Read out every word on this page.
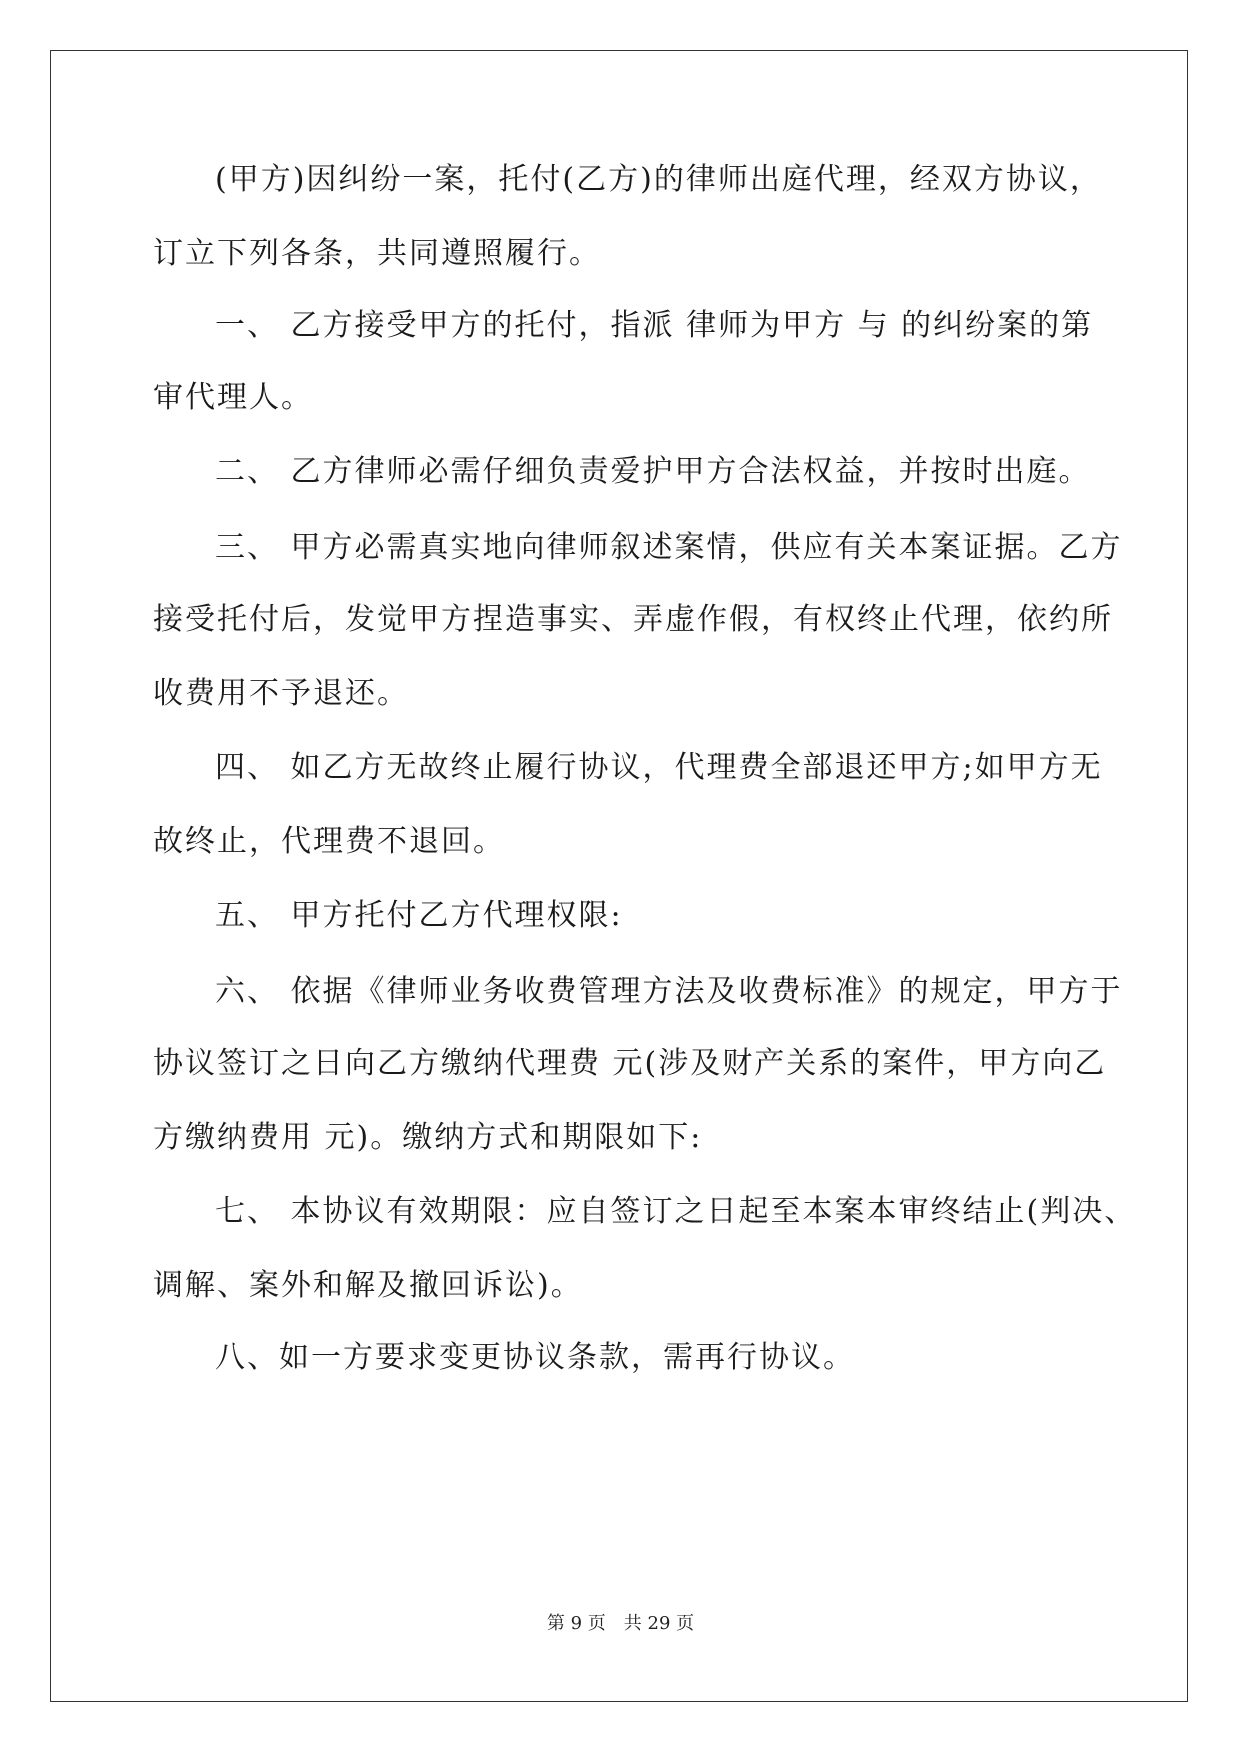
(甲方)因纠纷一案，托付(乙方)的律师出庭代理，经双方协议，
订立下列各条，共同遵照履行。
一、 乙方接受甲方的托付，指派 律师为甲方 与 的纠纷案的第
审代理人。
二、 乙方律师必需仔细负责爱护甲方合法权益，并按时出庭。
三、 甲方必需真实地向律师叙述案情，供应有关本案证据。乙方
接受托付后，发觉甲方捏造事实、弄虚作假，有权终止代理，依约所
收费用不予退还。
四、 如乙方无故终止履行协议，代理费全部退还甲方;如甲方无
故终止，代理费不退回。
五、 甲方托付乙方代理权限:
六、 依据《律师业务收费管理方法及收费标准》的规定，甲方于
协议签订之日向乙方缴纳代理费 元(涉及财产关系的案件，甲方向乙
方缴纳费用 元)。缴纳方式和期限如下:
七、 本协议有效期限：应自签订之日起至本案本审终结止(判决、
调解、案外和解及撤回诉讼)。
八、如一方要求变更协议条款，需再行协议。
第 9 页　共 29 页
